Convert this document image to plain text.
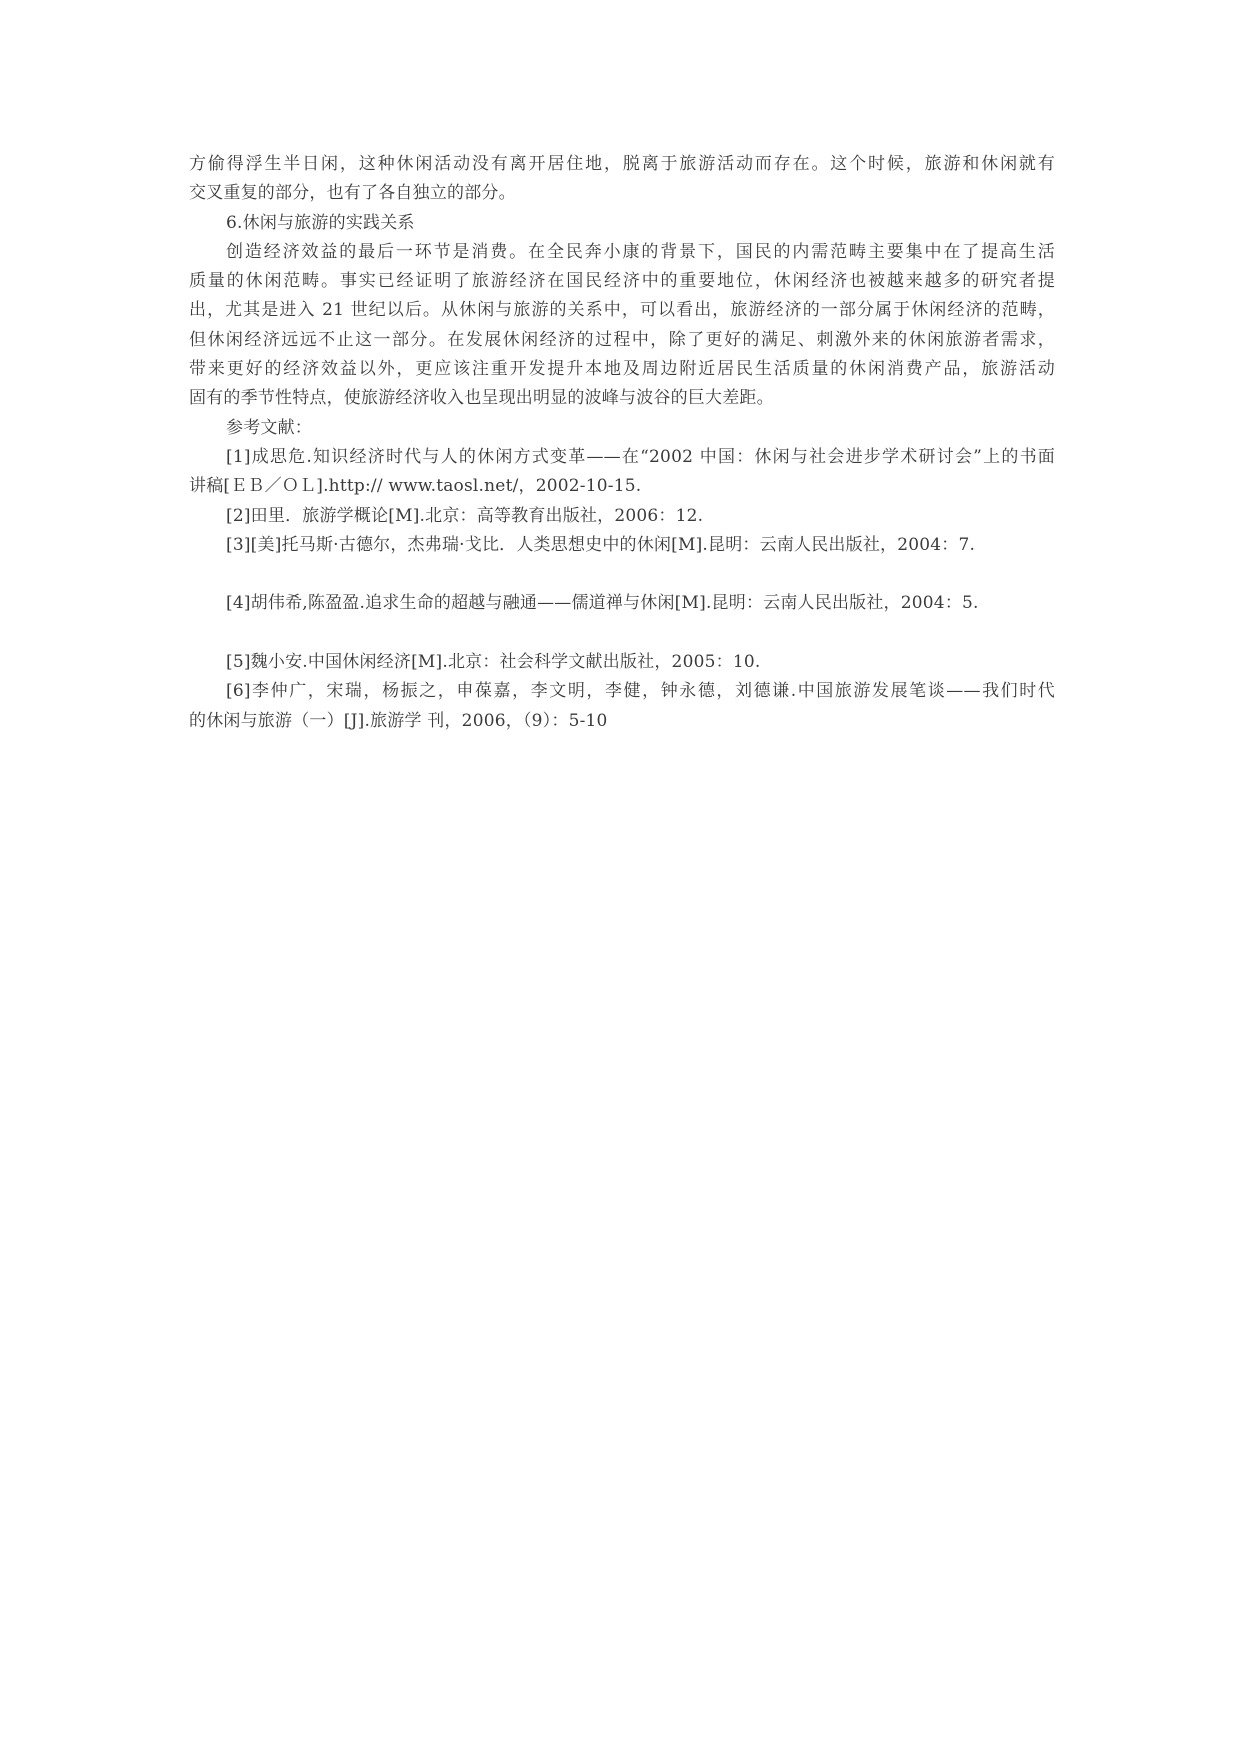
方偷得浮生半日闲，这种休闲活动没有离开居住地，脱离于旅游活动而存在。这个时候，旅游和休闲就有
交叉重复的部分，也有了各自独立的部分。
6.休闲与旅游的实践关系
创造经济效益的最后一环节是消费。在全民奔小康的背景下，国民的内需范畴主要集中在了提高生活
质量的休闲范畴。事实已经证明了旅游经济在国民经济中的重要地位，休闲经济也被越来越多的研究者提
出，尤其是进入 21 世纪以后。从休闲与旅游的关系中，可以看出，旅游经济的一部分属于休闲经济的范畴，
但休闲经济远远不止这一部分。在发展休闲经济的过程中，除了更好的满足、刺激外来的休闲旅游者需求，
带来更好的经济效益以外，更应该注重开发提升本地及周边附近居民生活质量的休闲消费产品，旅游活动
固有的季节性特点，使旅游经济收入也呈现出明显的波峰与波谷的巨大差距。
参考文献：
[1]成思危.知识经济时代与人的休闲方式变革——在“2002 中国：休闲与社会进步学术研讨会”上的书面
讲稿[ＥＢ／ＯＬ].http:// www.taosl.net/，2002-10-15.
[2]田里．旅游学概论[M].北京：高等教育出版社，2006：12.
[3][美]托马斯·古德尔，杰弗瑞·戈比．人类思想史中的休闲[M].昆明：云南人民出版社，2004：7.
[4]胡伟希,陈盈盈.追求生命的超越与融通——儒道禅与休闲[M].昆明：云南人民出版社，2004：5.
[5]魏小安.中国休闲经济[M].北京：社会科学文献出版社，2005：10.
[6]李仲广，宋瑞，杨振之，申葆嘉，李文明，李健，钟永德，刘德谦.中国旅游发展笔谈——我们时代
的休闲与旅游（一）[J].旅游学 刊，2006，（9）：5-10
